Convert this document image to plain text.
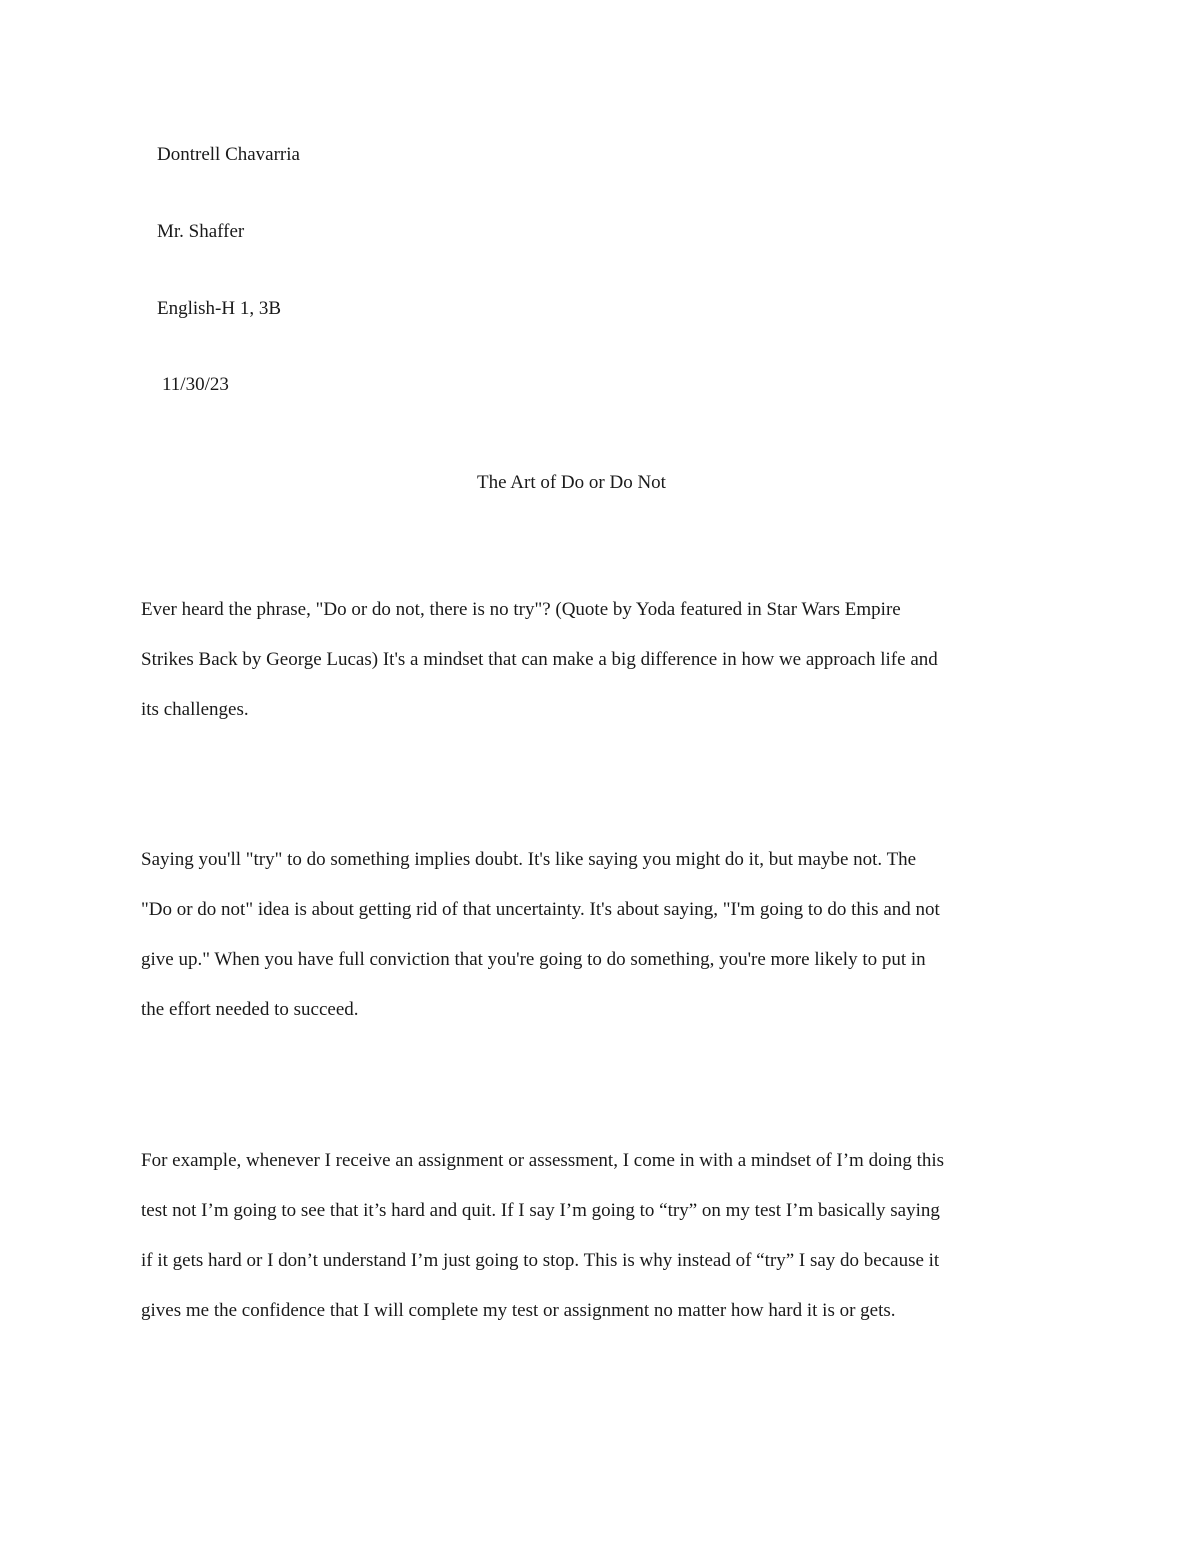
Dontrell Chavarria
Mr. Shaffer
English-H 1, 3B
11/30/23
The Art of Do or Do Not
Ever heard the phrase, "Do or do not, there is no try"? (Quote by Yoda featured in Star Wars Empire
Strikes Back by George Lucas) It's a mindset that can make a big difference in how we approach life and
its challenges.
Saying you'll "try" to do something implies doubt. It's like saying you might do it, but maybe not. The
"Do or do not" idea is about getting rid of that uncertainty. It's about saying, "I'm going to do this and not
give up." When you have full conviction that you're going to do something, you're more likely to put in
the effort needed to succeed.
For example, whenever I receive an assignment or assessment, I come in with a mindset of I’m doing this
test not I’m going to see that it’s hard and quit. If I say I’m going to “try” on my test I’m basically saying
if it gets hard or I don’t understand I’m just going to stop. This is why instead of “try” I say do because it
gives me the confidence that I will complete my test or assignment no matter how hard it is or gets.
